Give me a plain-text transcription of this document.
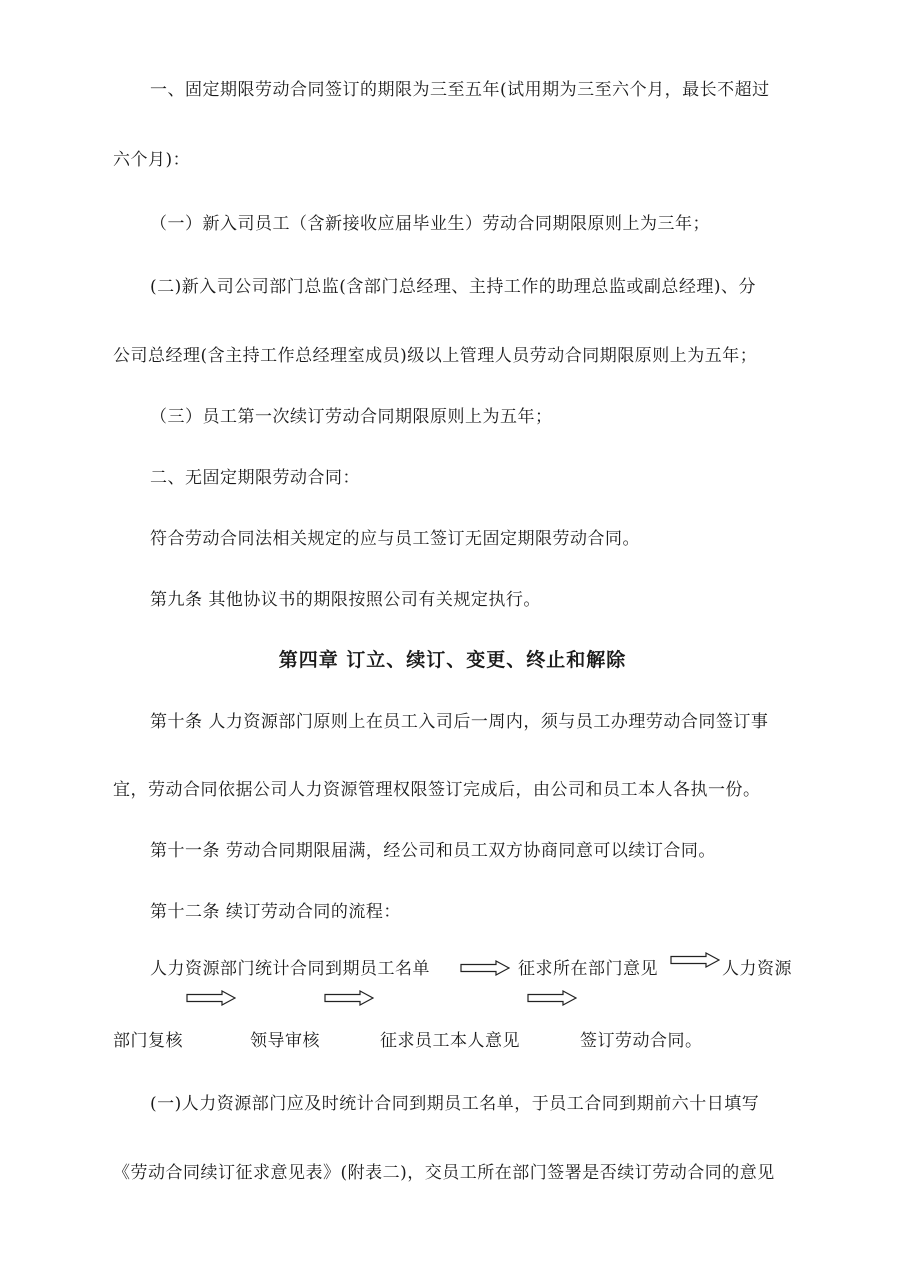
一、固定期限劳动合同签订的期限为三至五年(试用期为三至六个月，最长不超过
六个月)：
（一）新入司员工（含新接收应届毕业生）劳动合同期限原则上为三年；
(二)新入司公司部门总监(含部门总经理、主持工作的助理总监或副总经理)、分
公司总经理(含主持工作总经理室成员)级以上管理人员劳动合同期限原则上为五年；
（三）员工第一次续订劳动合同期限原则上为五年；
二、无固定期限劳动合同：
符合劳动合同法相关规定的应与员工签订无固定期限劳动合同。
第九条 其他协议书的期限按照公司有关规定执行。
第四章 订立、续订、变更、终止和解除
第十条 人力资源部门原则上在员工入司后一周内，须与员工办理劳动合同签订事
宜，劳动合同依据公司人力资源管理权限签订完成后，由公司和员工本人各执一份。
第十一条 劳动合同期限届满，经公司和员工双方协商同意可以续订合同。
第十二条 续订劳动合同的流程：
人力资源部门统计合同到期员工名单	征求所在部门意见	人力资源
部门复核	领导审核	征求员工本人意见	签订劳动合同。
(一)人力资源部门应及时统计合同到期员工名单，于员工合同到期前六十日填写
《劳动合同续订征求意见表》(附表二)，交员工所在部门签署是否续订劳动合同的意见
